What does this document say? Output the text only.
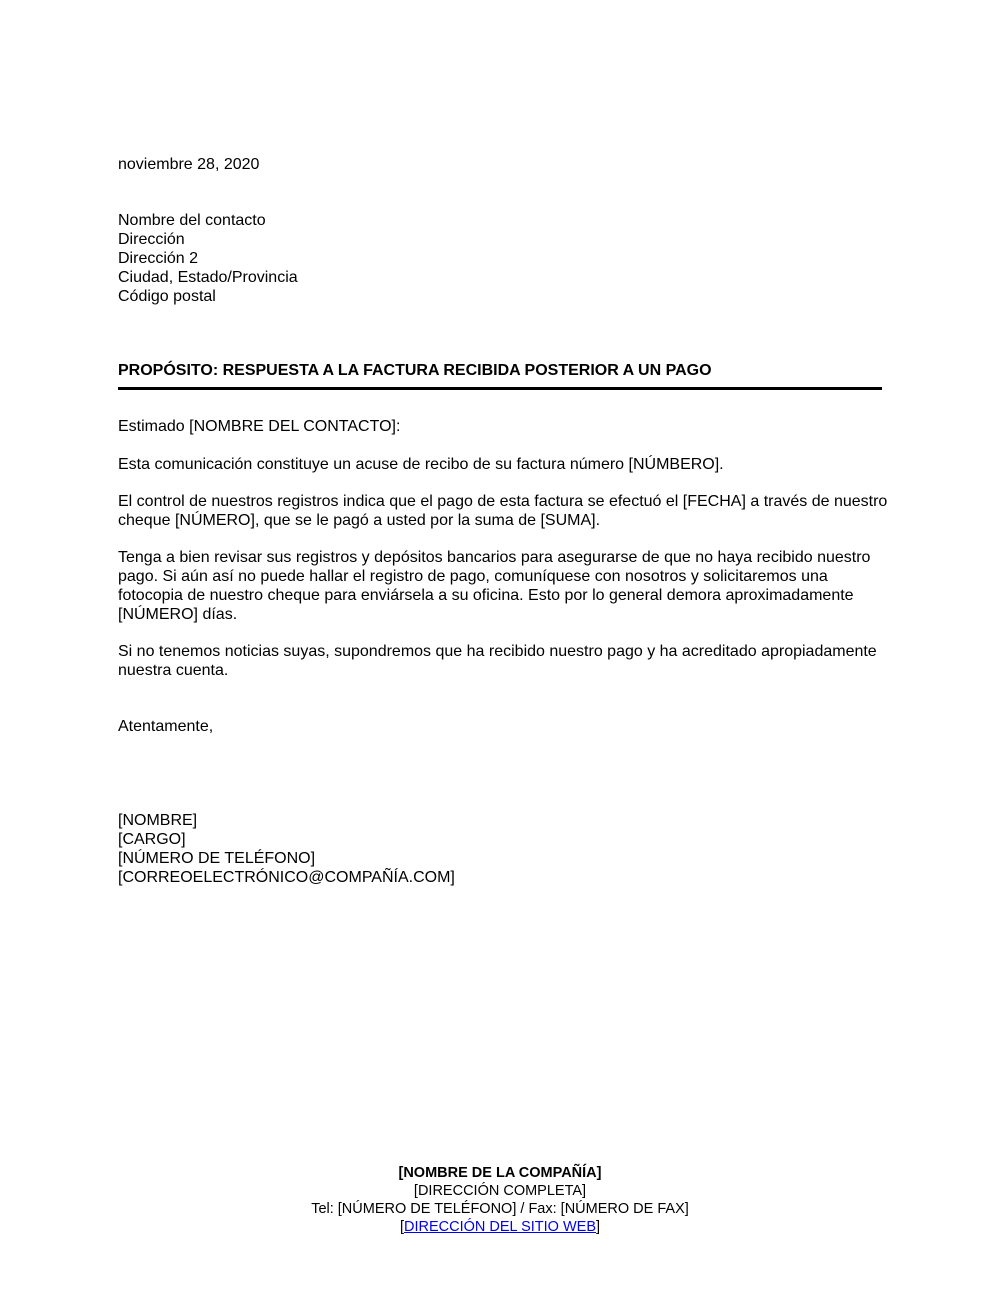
noviembre 28, 2020
Nombre del contacto
Dirección
Dirección 2
Ciudad, Estado/Provincia
Código postal
PROPÓSITO: RESPUESTA A LA FACTURA RECIBIDA POSTERIOR A UN PAGO
Estimado [NOMBRE DEL CONTACTO]:
Esta comunicación constituye un acuse de recibo de su factura número [NÚMBERO].
El control de nuestros registros indica que el pago de esta factura se efectuó el [FECHA] a través de nuestro cheque [NÚMERO], que se le pagó a usted por la suma de [SUMA].
Tenga a bien revisar sus registros y depósitos bancarios para asegurarse de que no haya recibido nuestro pago. Si aún así no puede hallar el registro de pago, comuníquese con nosotros y solicitaremos una fotocopia de nuestro cheque para enviársela a su oficina. Esto por lo general demora aproximadamente [NÚMERO] días.
Si no tenemos noticias suyas, supondremos que ha recibido nuestro pago y ha acreditado apropiadamente nuestra cuenta.
Atentamente,
[NOMBRE]
[CARGO]
[NÚMERO DE TELÉFONO]
[CORREOELECTRÓNICO@COMPAÑÍA.COM]
[NOMBRE DE LA COMPAÑÍA]
[DIRECCIÓN COMPLETA]
Tel: [NÚMERO DE TELÉFONO] / Fax: [NÚMERO DE FAX]
[DIRECCIÓN DEL SITIO WEB]
